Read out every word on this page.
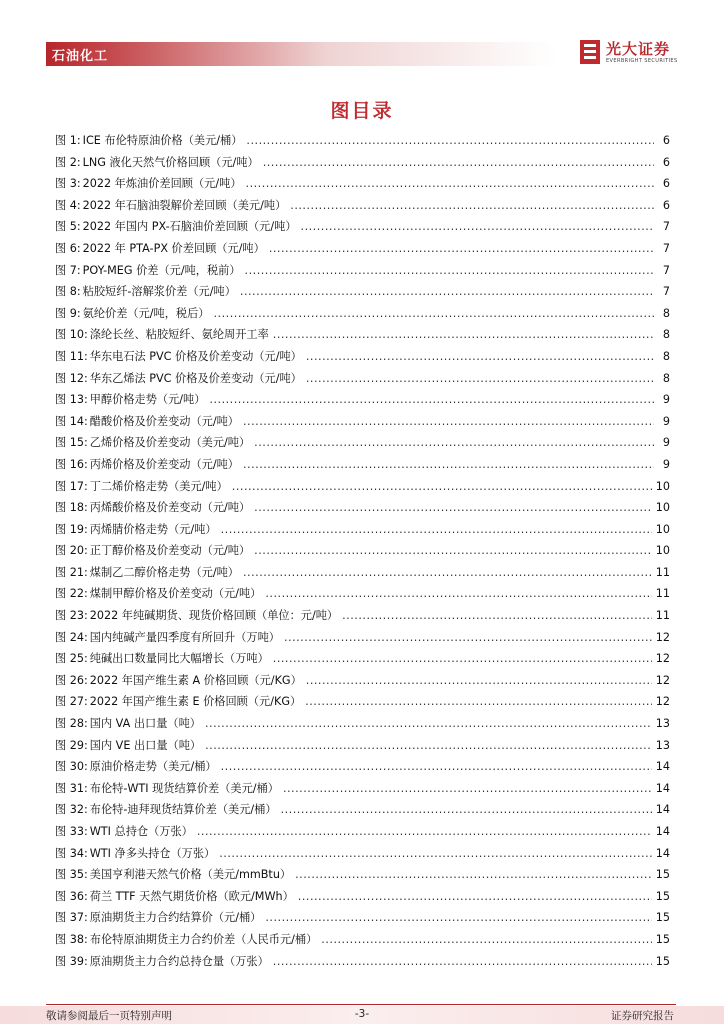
石油化工	光大证券
EVERBRIGHT SECURITIES
图目录
图 1: ICE 布伦特原油价格（美元/桶） .....	6
图 2: LNG 液化天然气价格回顾（元/吨） .....	6
图 3: 2022 年炼油价差回顾（元/吨） .....	6
图 4: 2022 年石脑油裂解价差回顾（美元/吨） .....	6
图 5: 2022 年国内 PX-石脑油价差回顾（元/吨） .....	7
图 6: 2022 年 PTA-PX 价差回顾（元/吨） .....	7
图 7: POY-MEG 价差（元/吨，税前） .....	7
图 8: 粘胶短纤-溶解浆价差（元/吨） .....	7
图 9: 氨纶价差（元/吨，税后） .....	8
图 10: 涤纶长丝、粘胶短纤、氨纶周开工率 .....	8
图 11: 华东电石法 PVC 价格及价差变动（元/吨） .....	8
图 12: 华东乙烯法 PVC 价格及价差变动（元/吨） .....	8
图 13: 甲醇价格走势（元/吨） .....	9
图 14: 醋酸价格及价差变动（元/吨） .....	9
图 15: 乙烯价格及价差变动（美元/吨） .....	9
图 16: 丙烯价格及价差变动（元/吨） .....	9
图 17: 丁二烯价格走势（美元/吨） .....	10
图 18: 丙烯酸价格及价差变动（元/吨） .....	10
图 19: 丙烯腈价格走势（元/吨） .....	10
图 20: 正丁醇价格及价差变动（元/吨） .....	10
图 21: 煤制乙二醇价格走势（元/吨） .....	11
图 22: 煤制甲醇价格及价差变动（元/吨） .....	11
图 23: 2022 年纯碱期货、现货价格回顾（单位：元/吨） .....	11
图 24: 国内纯碱产量四季度有所回升（万吨） .....	12
图 25: 纯碱出口数量同比大幅增长（万吨） .....	12
图 26: 2022 年国产维生素 A 价格回顾（元/KG） .....	12
图 27: 2022 年国产维生素 E 价格回顾（元/KG） .....	12
图 28: 国内 VA 出口量（吨） .....	13
图 29: 国内 VE 出口量（吨） .....	13
图 30: 原油价格走势（美元/桶） .....	14
图 31: 布伦特-WTI 现货结算价差（美元/桶） .....	14
图 32: 布伦特-迪拜现货结算价差（美元/桶） .....	14
图 33: WTI 总持仓（万张） .....	14
图 34: WTI 净多头持仓（万张） .....	14
图 35: 美国亨利港天然气价格（美元/mmBtu） .....	15
图 36: 荷兰 TTF 天然气期货价格（欧元/MWh） .....	15
图 37: 原油期货主力合约结算价（元/桶） .....	15
图 38: 布伦特原油期货主力合约价差（人民币元/桶） .....	15
图 39: 原油期货主力合约总持仓量（万张） .....	15
敬请参阅最后一页特别声明	-3-	证券研究报告
